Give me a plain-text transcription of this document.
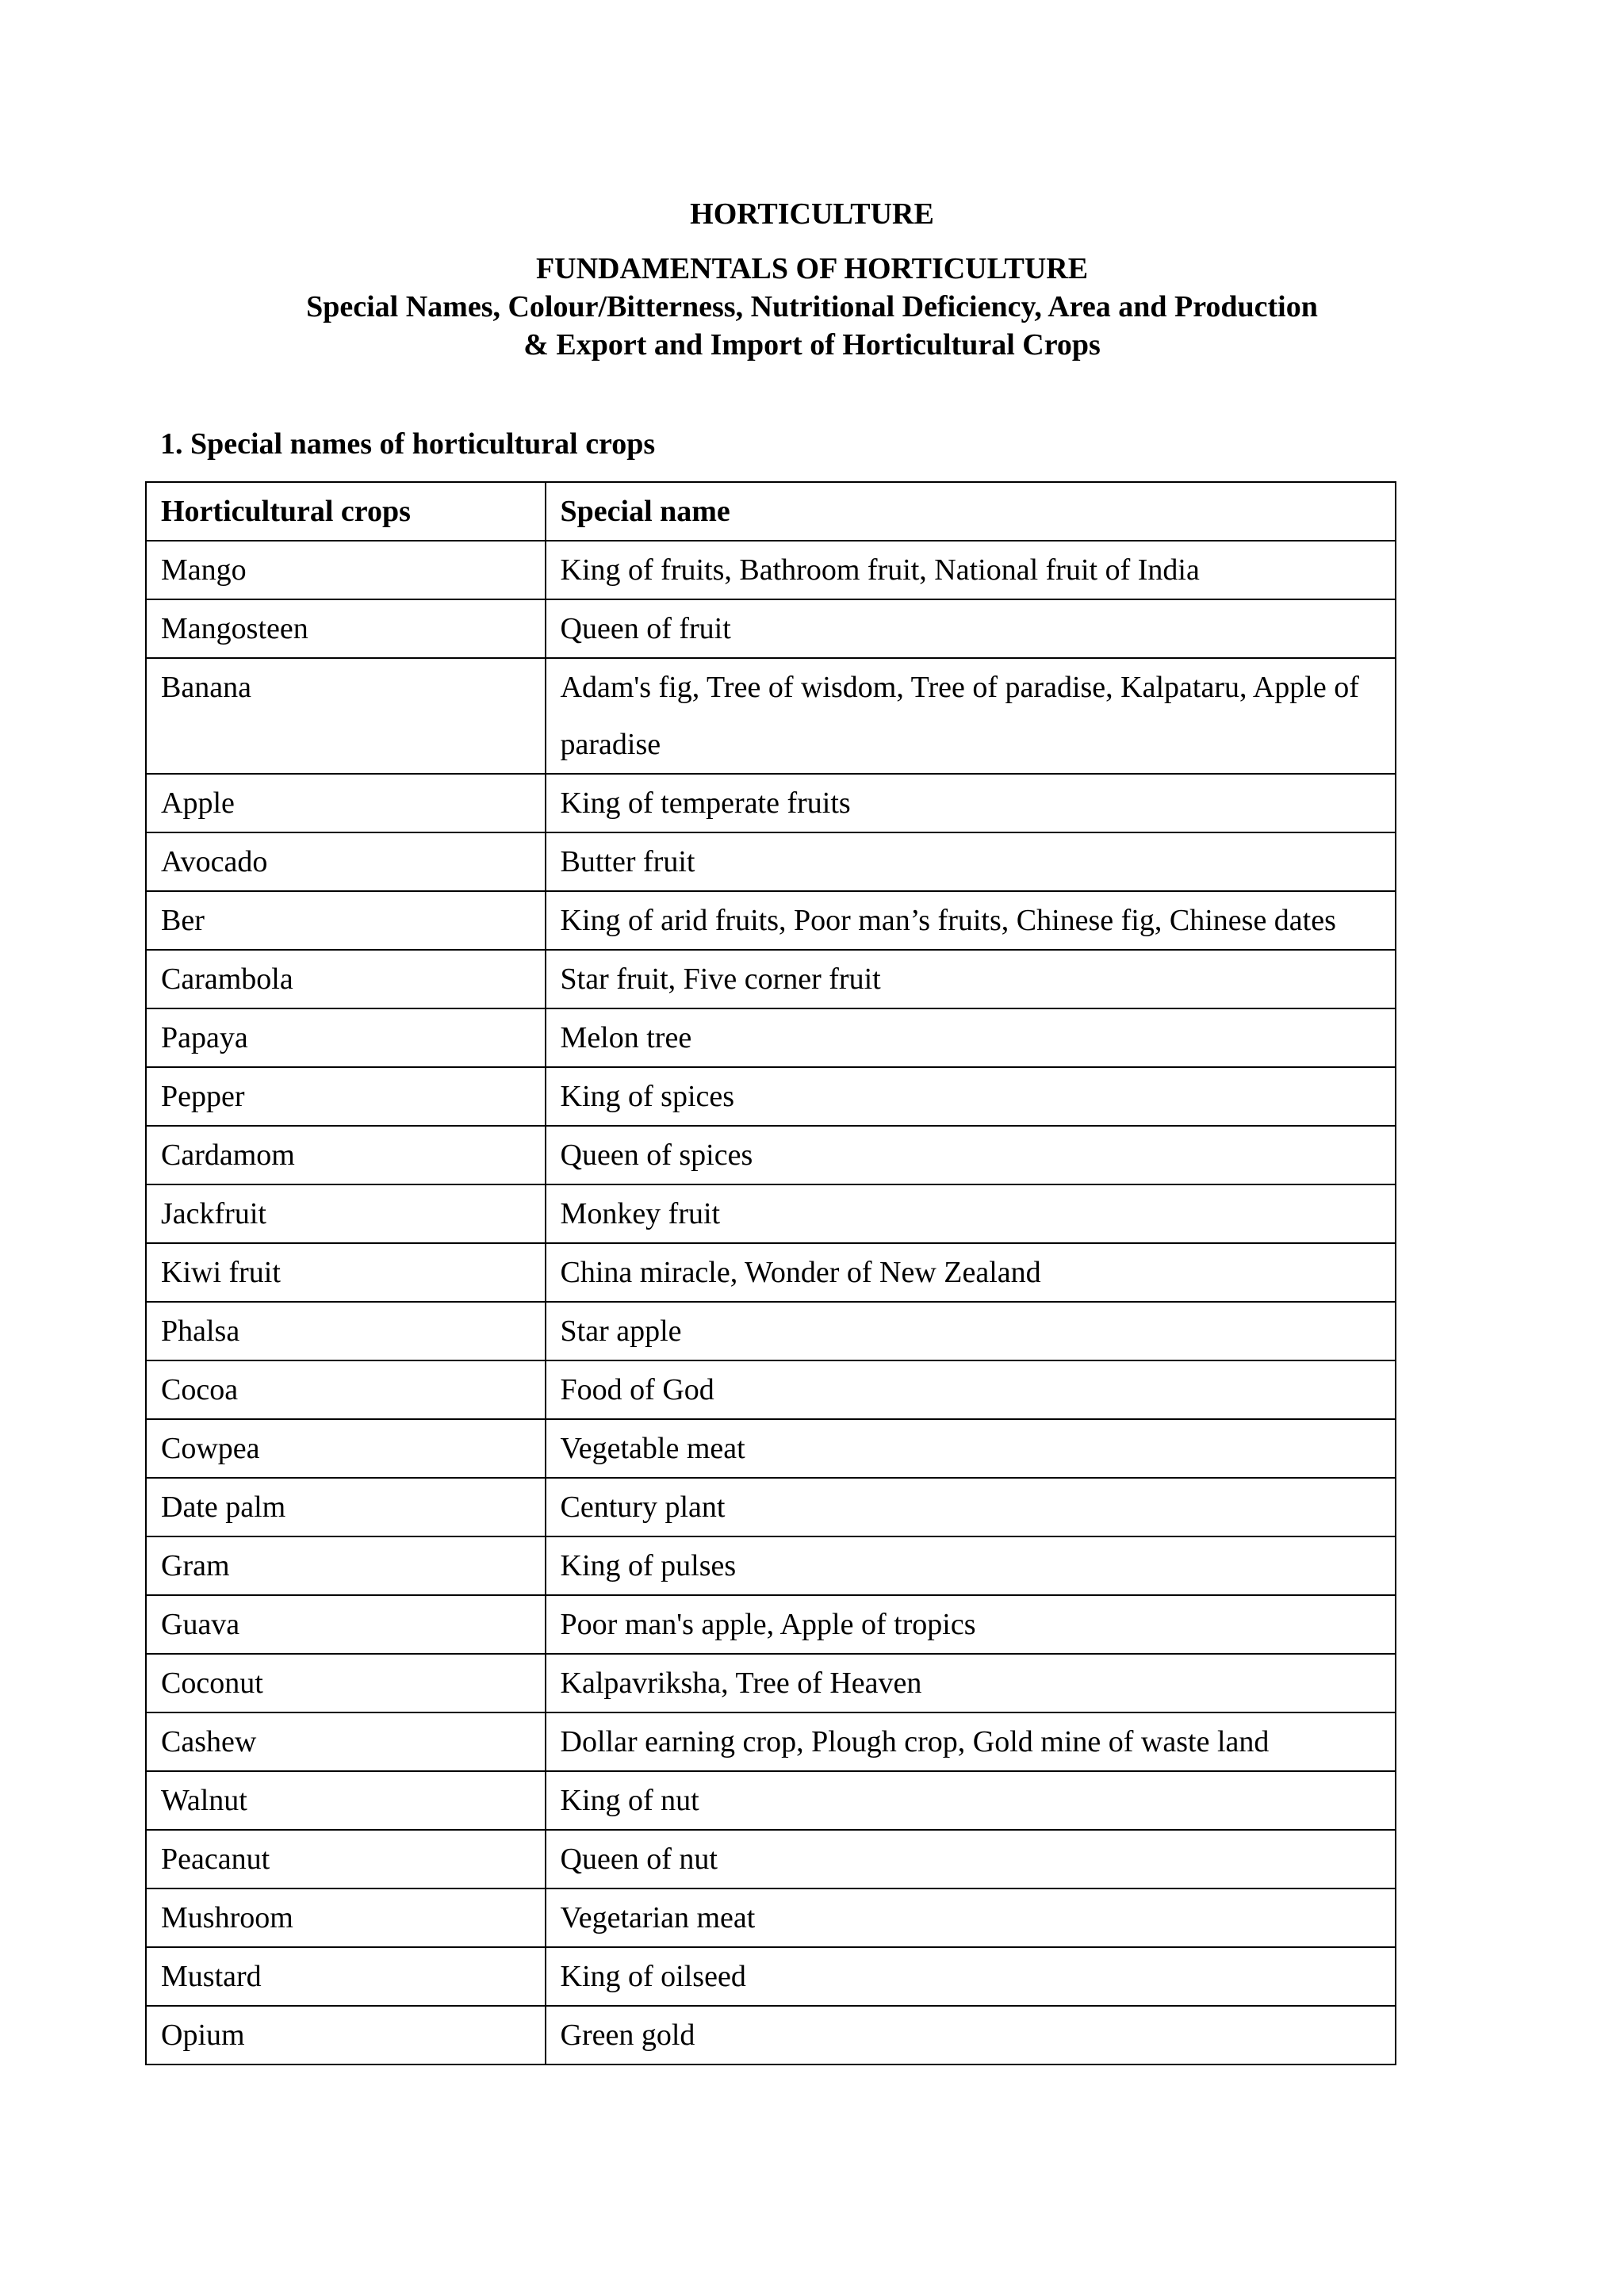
HORTICULTURE
FUNDAMENTALS OF HORTICULTURE
Special Names, Colour/Bitterness, Nutritional Deficiency, Area and Production
& Export and Import of Horticultural Crops
1. Special names of horticultural crops
Horticultural crops	Special name
Mango	King of fruits, Bathroom fruit, National fruit of India
Mangosteen	Queen of fruit
Banana	Adam's fig, Tree of wisdom, Tree of paradise, Kalpataru, Apple of paradise
Apple	King of temperate fruits
Avocado	Butter fruit
Ber	King of arid fruits, Poor man’s fruits, Chinese fig, Chinese dates
Carambola	Star fruit, Five corner fruit
Papaya	Melon tree
Pepper	King of spices
Cardamom	Queen of spices
Jackfruit	Monkey fruit
Kiwi fruit	China miracle, Wonder of New Zealand
Phalsa	Star apple
Cocoa	Food of God
Cowpea	Vegetable meat
Date palm	Century plant
Gram	King of pulses
Guava	Poor man's apple, Apple of tropics
Coconut	Kalpavriksha, Tree of Heaven
Cashew	Dollar earning crop, Plough crop, Gold mine of waste land
Walnut	King of nut
Peacanut	Queen of nut
Mushroom	Vegetarian meat
Mustard	King of oilseed
Opium	Green gold
